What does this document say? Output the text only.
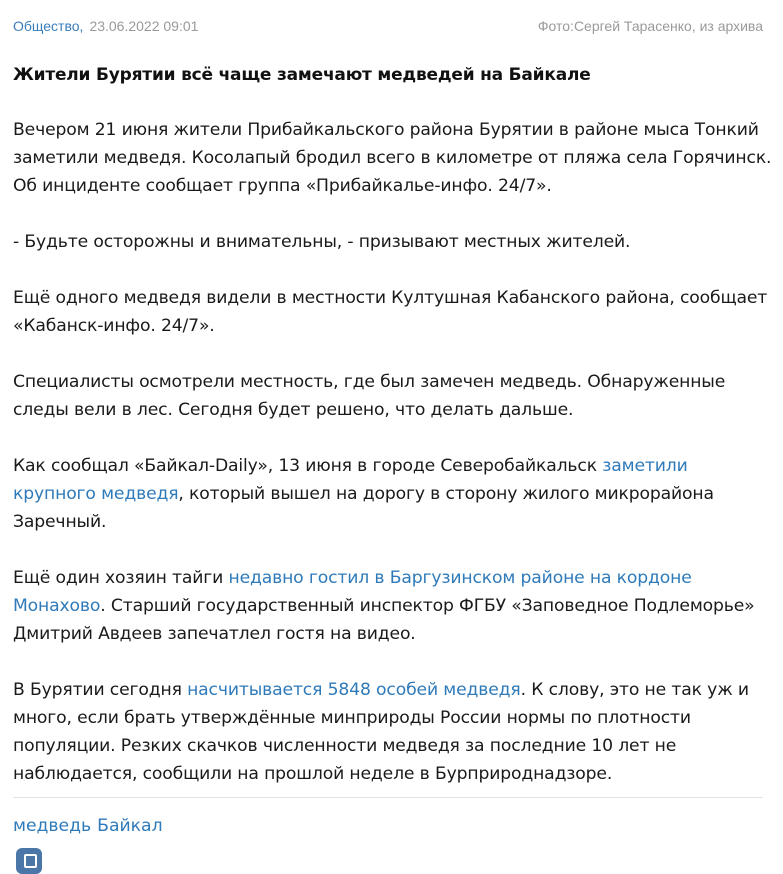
Общество, 23.06.2022 09:01	Фото:Сергей Тарасенко, из архива
Жители Бурятии всё чаще замечают медведей на Байкале

Вечером 21 июня жители Прибайкальского района Бурятии в районе мыса Тонкий заметили медведя. Косолапый бродил всего в километре от пляжа села Горячинск. Об инциденте сообщает группа «Прибайкалье-инфо. 24/7».

- Будьте осторожны и внимательны, - призывают местных жителей.

Ещё одного медведя видели в местности Култушная Кабанского района, сообщает «Кабанск-инфо. 24/7».

Специалисты осмотрели местность, где был замечен медведь. Обнаруженные следы вели в лес. Сегодня будет решено, что делать дальше.

Как сообщал «Байкал-Daily», 13 июня в городе Северобайкальск заметили крупного медведя, который вышел на дорогу в сторону жилого микрорайона Заречный.

Ещё один хозяин тайги недавно гостил в Баргузинском районе на кордоне Монахово. Старший государственный инспектор ФГБУ «Заповедное Подлеморье» Дмитрий Авдеев запечатлел гостя на видео.

В Бурятии сегодня насчитывается 5848 особей медведя. К слову, это не так уж и много, если брать утверждённые минприроды России нормы по плотности популяции. Резких скачков численности медведя за последние 10 лет не наблюдается, сообщили на прошлой неделе в Бурприроднадзоре.

медведь Байкал
